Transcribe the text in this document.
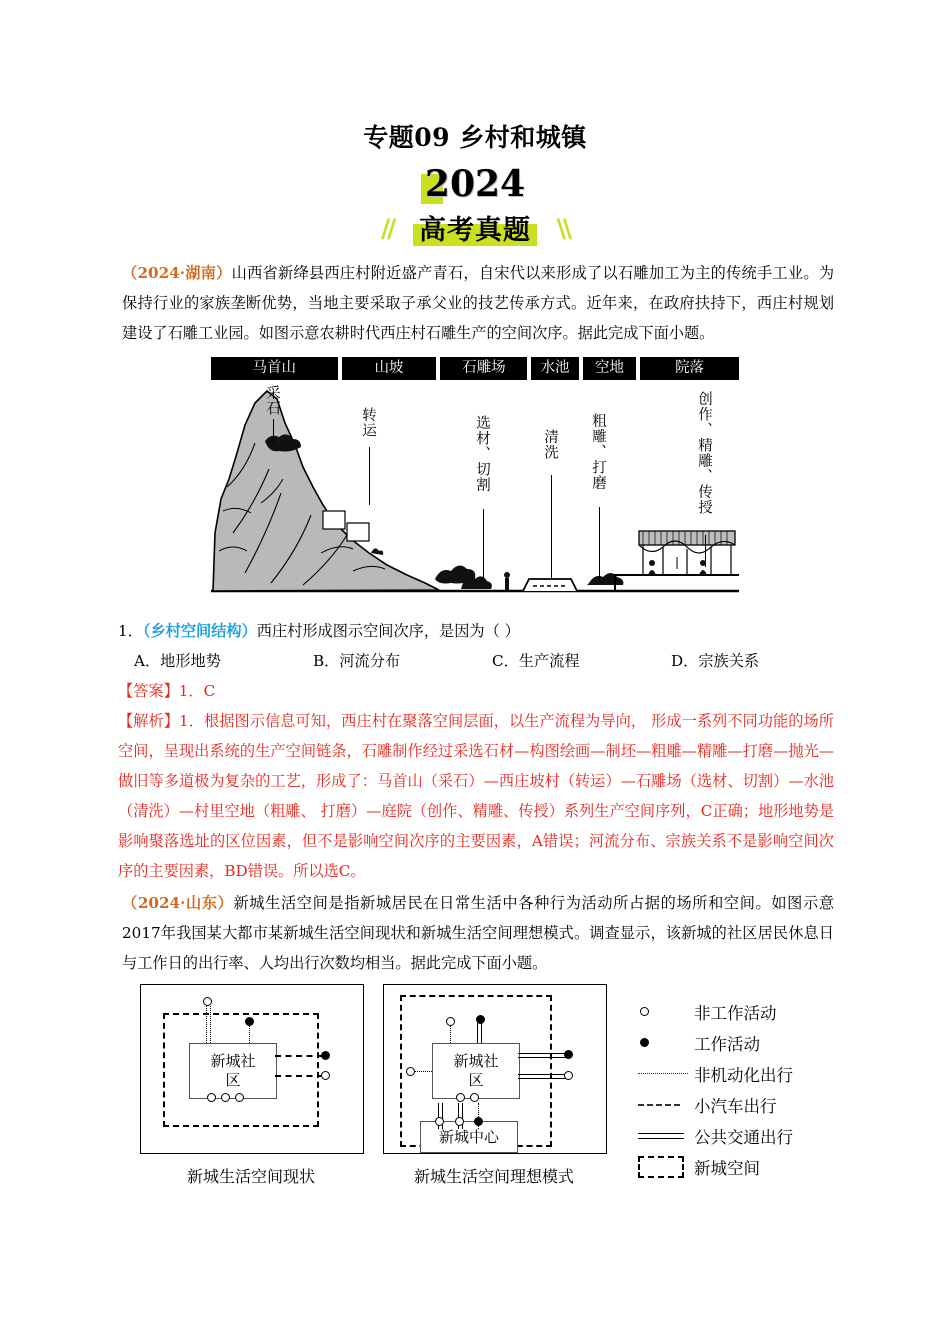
专题09 乡村和城镇
2024
// 高考真题 \\
（2024·湖南）山西省新绛县西庄村附近盛产青石，自宋代以来形成了以石雕加工为主的传统手工业。为保持行业的家族垄断优势，当地主要采取子承父业的技艺传承方式。近年来，在政府扶持下，西庄村规划建设了石雕工业园。如图示意农耕时代西庄村石雕生产的空间次序。据此完成下面小题。
马首山	山坡	石雕场	水池	空地	院落
采石
转运	选材、切割	清洗 粗雕、打磨	创作、精雕、传授
1．（乡村空间结构）西庄村形成图示空间次序，是因为（ ）
A．地形地势	B．河流分布	C．生产流程	D．宗族关系
【答案】1．C
【解析】1．根据图示信息可知，西庄村在聚落空间层面，以生产流程为导向， 形成一系列不同功能的场所空间，呈现出系统的生产空间链条，石雕制作经过采选石材—构图绘画—制坯—粗雕—精雕—打磨—抛光—做旧等多道极为复杂的工艺，形成了：马首山（采石）—西庄坡村（转运）—石雕场（选材、切割）—水池（清洗）—村里空地（粗雕、 打磨）—庭院（创作、精雕、传授）系列生产空间序列，C正确；地形地势是影响聚落选址的区位因素，但不是影响空间次序的主要因素，A错误；河流分布、宗族关系不是影响空间次序的主要因素，BD错误。所以选C。
（2024·山东）新城生活空间是指新城居民在日常生活中各种行为活动所占据的场所和空间。如图示意2017年我国某大都市某新城生活空间现状和新城生活空间理想模式。调查显示，该新城的社区居民休息日与工作日的出行率、人均出行次数均相当。据此完成下面小题。
新城社区
新城社区
新城中心
新城生活空间现状	新城生活空间理想模式
非工作活动
工作活动
非机动化出行
小汽车出行
公共交通出行
新城空间
